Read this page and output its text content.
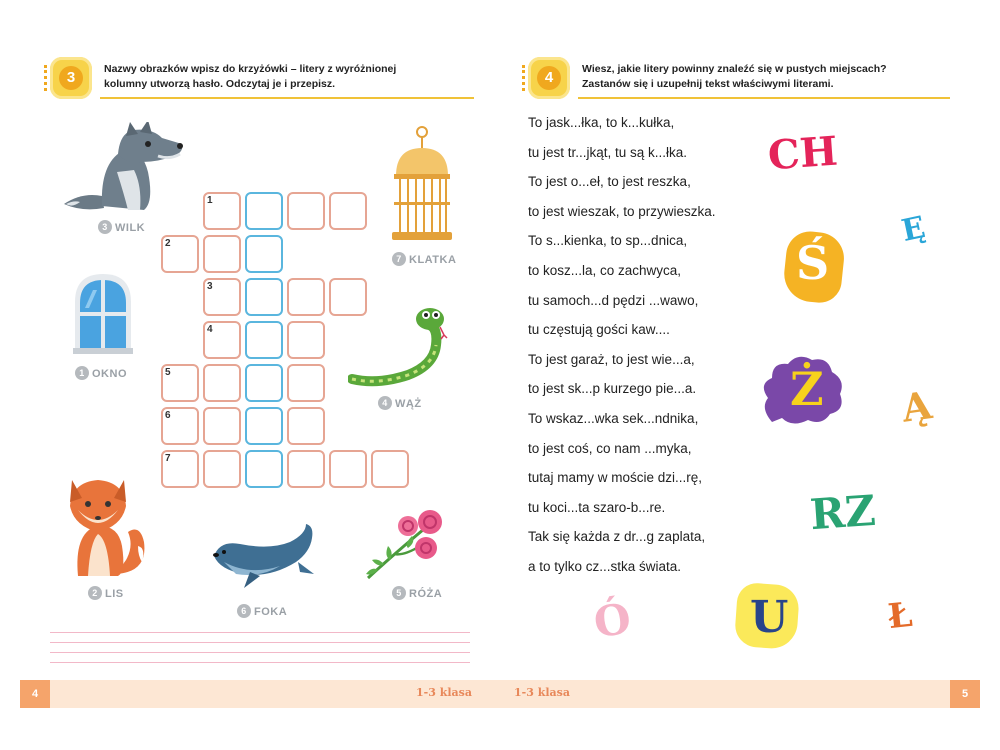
3	Nazwy obrazków wpisz do krzyżówki – litery z wyróżnionej
kolumny utworzą hasło. Odczytaj je i przepisz.
1
2
3
4
5
6
7
3 WILK
1 OKNO
7 KLATKA
4 WĄŻ
2 LIS
6 FOKA
5 RÓŻA
4	Wiesz, jakie litery powinny znaleźć się w pustych miejscach?
Zastanów się i uzupełnij tekst właściwymi literami.
To jask...łka, to k...kułka,
tu jest tr...jkąt, tu są k...łka.
To jest o...eł, to jest reszka,
to jest wieszak, to przywieszka.
To s...kienka, to sp...dnica,
to kosz...la, co zachwyca,
tu samoch...d pędzi ...wawo,
tu częstują gości kaw....
To jest garaż, to jest wie...a,
to jest sk...p kurzego pie...a.
To wskaz...wka sek...ndnika,
to jest coś, co nam ...myka,
tutaj mamy w moście dzi...rę,
tu koci...ta szaro-b...re.
Tak się każda z dr...g zaplata,
a to tylko cz...stka świata.
CH
Ę
Ś
Ż Ą
RZ
Ó	U	Ł
4	1-3 klasa	1-3 klasa	5
